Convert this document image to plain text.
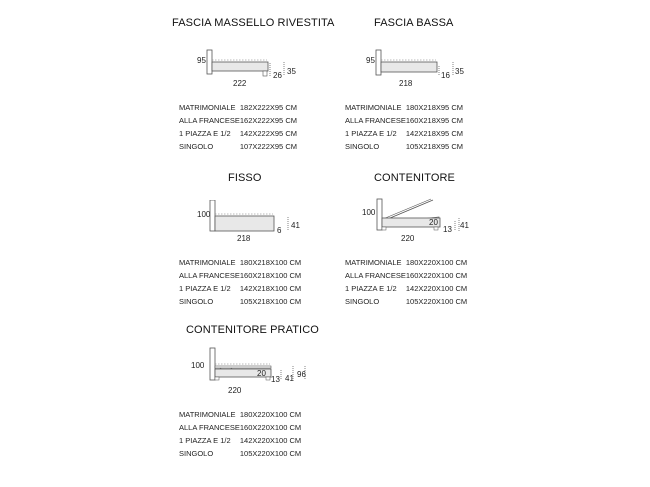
FASCIA MASSELLO RIVESTITA
95
222
26 35
MATRIMONIALE	182X222X95 CM
ALLA FRANCESE	162X222X95 CM
1 PIAZZA E 1/2	142X222X95 CM
SINGOLO	107X222X95 CM
FASCIA BASSA
95
218
16 35
MATRIMONIALE	180X218X95 CM
ALLA FRANCESE	160X218X95 CM
1 PIAZZA E 1/2	142X218X95 CM
SINGOLO	105X218X95 CM
FISSO
100
218
6
41
MATRIMONIALE	180X218X100 CM
ALLA FRANCESE	160X218X100 CM
1 PIAZZA E 1/2	142X218X100 CM
SINGOLO	105X218X100 CM
CONTENITORE
100
20
220
13 41
MATRIMONIALE	180X220X100 CM
ALLA FRANCESE	160X220X100 CM
1 PIAZZA E 1/2	142X220X100 CM
SINGOLO	105X220X100 CM
CONTENITORE PRATICO
100
20
220
13 41 96
MATRIMONIALE	180X220X100 CM
ALLA FRANCESE	160X220X100 CM
1 PIAZZA E 1/2	142X220X100 CM
SINGOLO	105X220X100 CM
